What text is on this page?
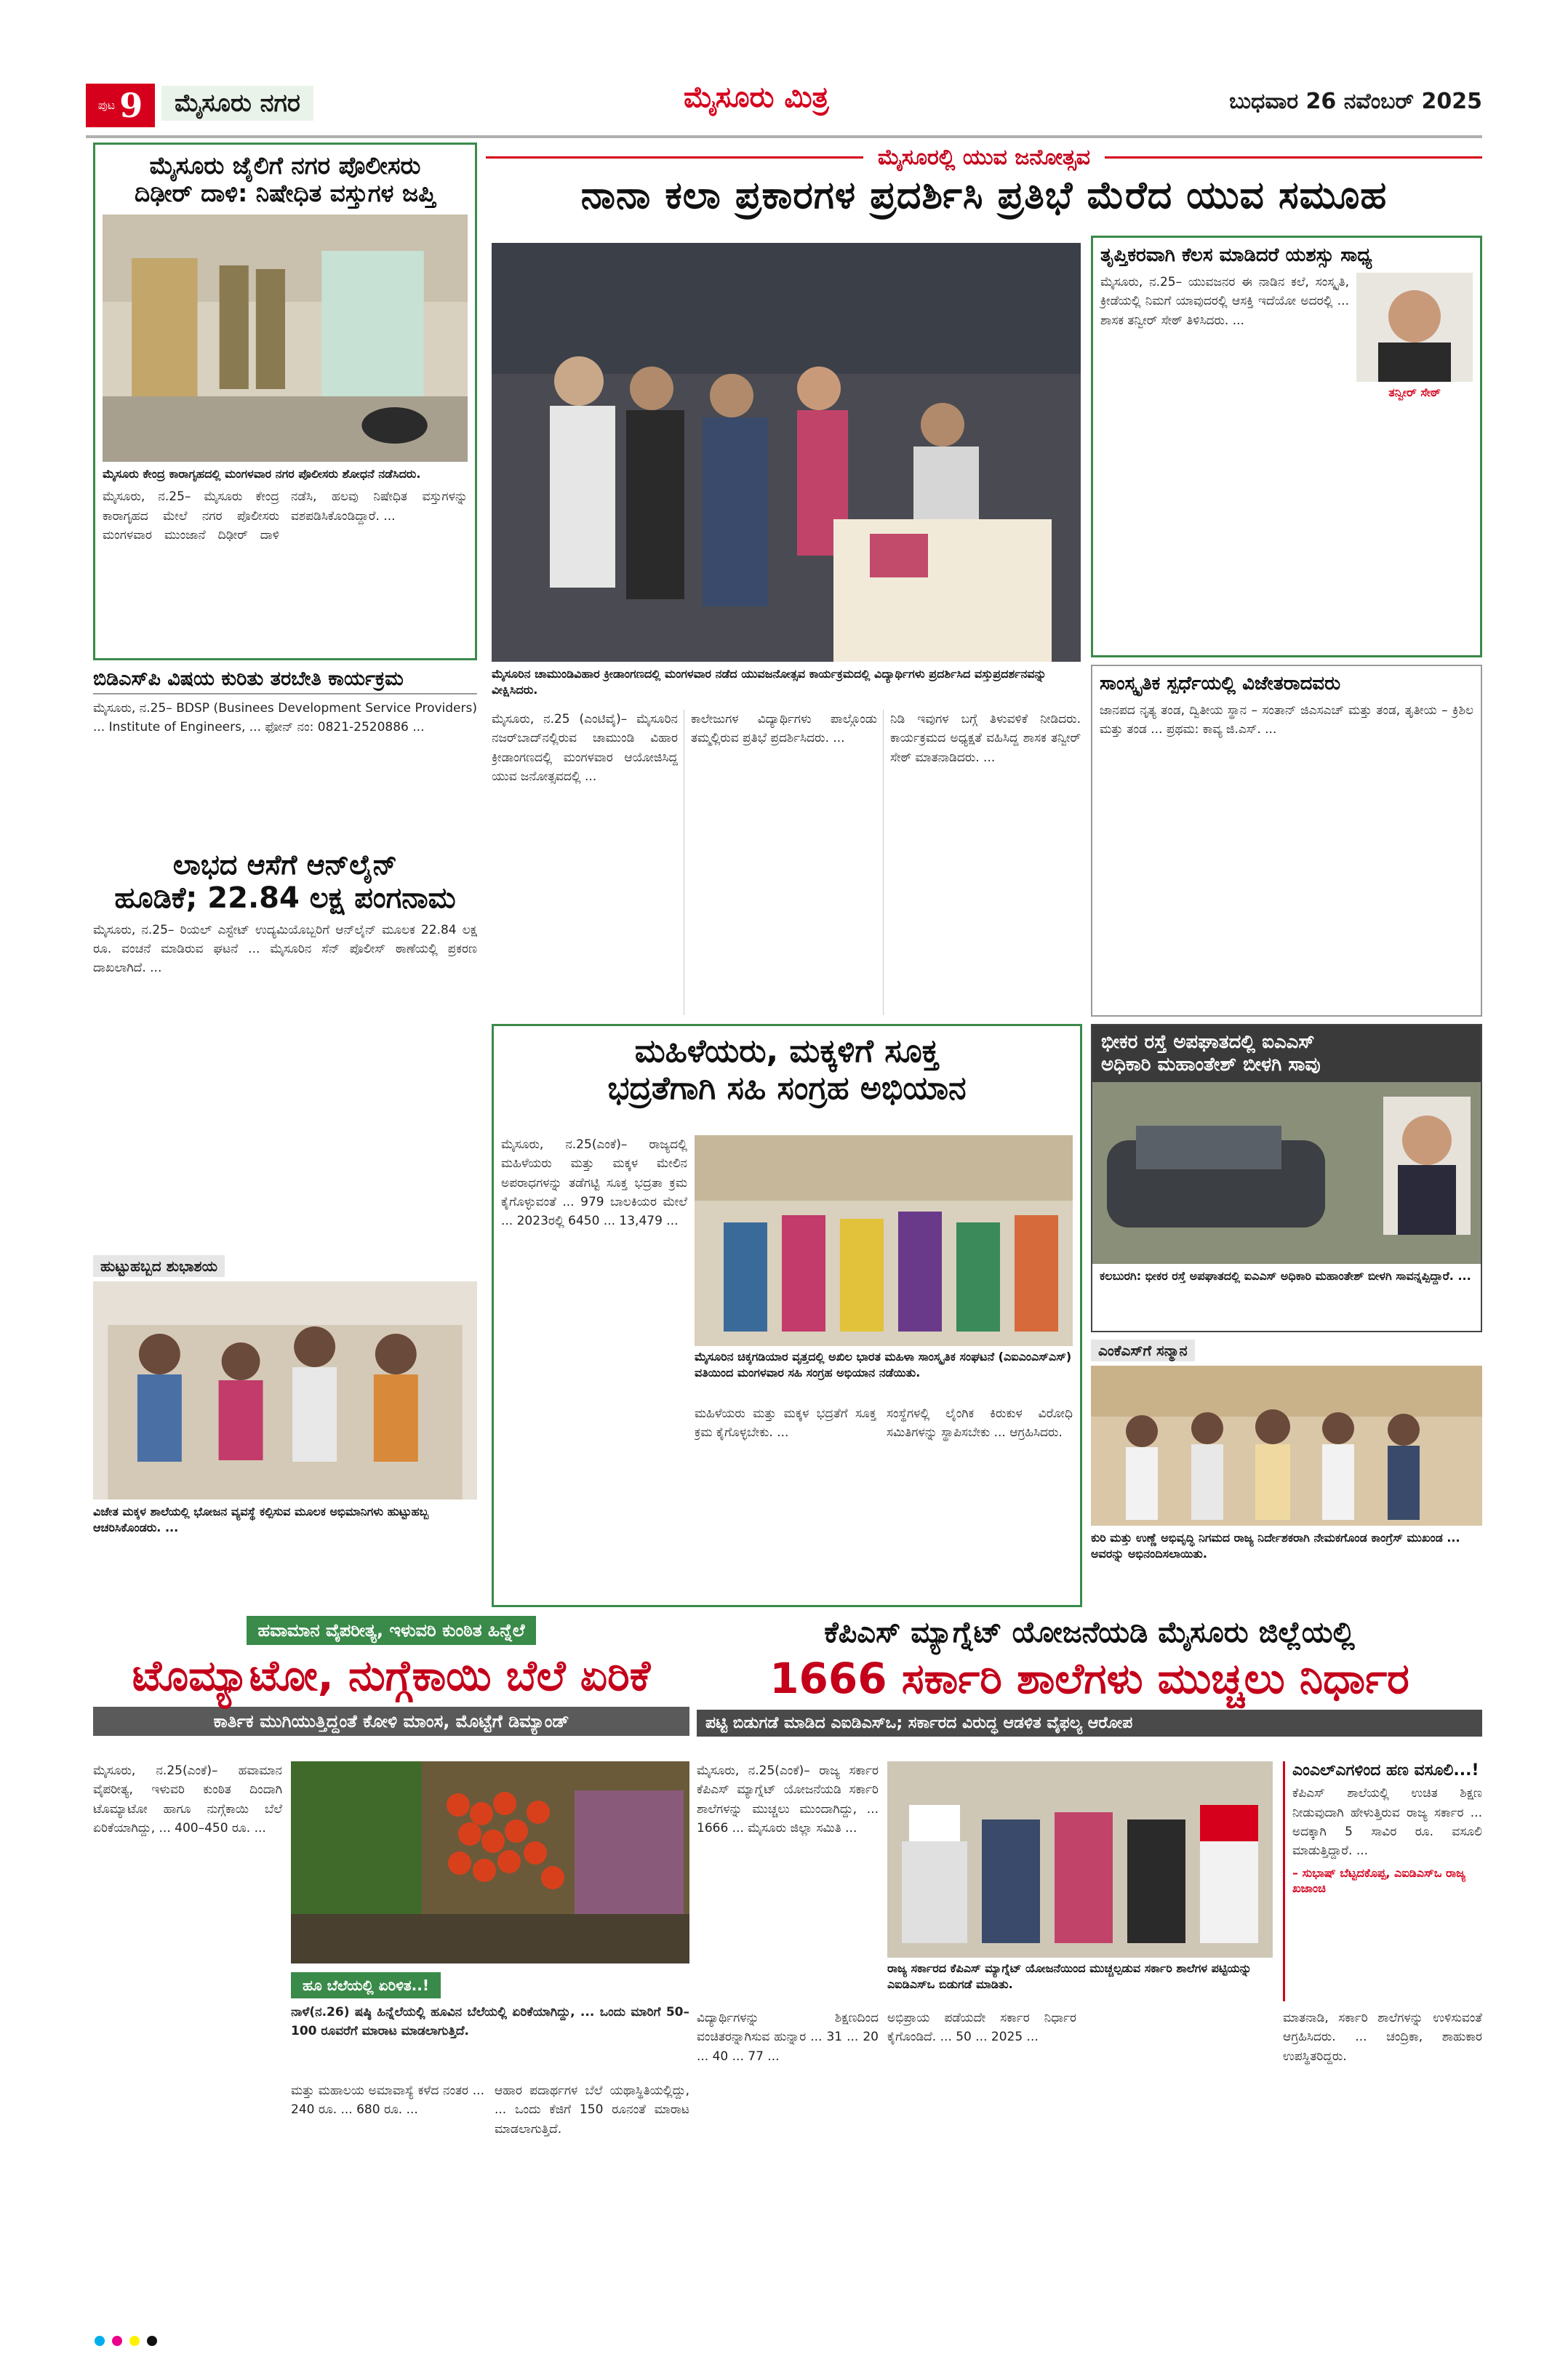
ಪುಟ 9	ಮೈಸೂರು ನಗರ	ಮೈಸೂರು ಮಿತ್ರ	ಬುಧವಾರ 26 ನವೆಂಬರ್ 2025
ಮೈಸೂರು ಜೈಲಿಗೆ ನಗರ ಪೊಲೀಸರು
ದಿಢೀರ್ ದಾಳಿ: ನಿಷೇಧಿತ ವಸ್ತುಗಳ ಜಪ್ತಿ
ಮೈಸೂರು ಕೇಂದ್ರ ಕಾರಾಗೃಹದಲ್ಲಿ ಮಂಗಳವಾರ ನಗರ ಪೊಲೀಸರು ಶೋಧನೆ ನಡೆಸಿದರು.
ಮೈಸೂರು, ನ.25– ಮೈಸೂರು ಕೇಂದ್ರ ಕಾರಾಗೃಹದ ಮೇಲೆ ನಗರ ಪೊಲೀಸರು ಮಂಗಳವಾರ ಮುಂಜಾನೆ ದಿಢೀರ್ ದಾಳಿ ನಡೆಸಿ, ಹಲವು ನಿಷೇಧಿತ ವಸ್ತುಗಳನ್ನು ವಶಪಡಿಸಿಕೊಂಡಿದ್ದಾರೆ. ...
ಬಿಡಿಎಸ್‌ಪಿ ವಿಷಯ ಕುರಿತು ತರಬೇತಿ ಕಾರ್ಯಕ್ರಮ
ಮೈಸೂರು, ನ.25– BDSP (Businees Development Service Providers) ... Institute of Engineers, ... ಫೋನ್ ನಂ: 0821-2520886 ...
ಲಾಭದ ಆಸೆಗೆ ಆನ್‌ಲೈನ್
ಹೂಡಿಕೆ; 22.84 ಲಕ್ಷ ಪಂಗನಾಮ
ಮೈಸೂರು, ನ.25– ರಿಯಲ್ ಎಸ್ಟೇಟ್ ಉದ್ಯಮಿಯೊಬ್ಬರಿಗೆ ಆನ್‌ಲೈನ್ ಮೂಲಕ 22.84 ಲಕ್ಷ ರೂ. ವಂಚನೆ ಮಾಡಿರುವ ಘಟನೆ ... ಮೈಸೂರಿನ ಸೆನ್ ಪೊಲೀಸ್ ಠಾಣೆಯಲ್ಲಿ ಪ್ರಕರಣ ದಾಖಲಾಗಿದೆ. ...
ಹುಟ್ಟುಹಬ್ಬದ ಶುಭಾಶಯ
ವಿಜೇತ ಮಕ್ಕಳ ಶಾಲೆಯಲ್ಲಿ ಭೋಜನ ವ್ಯವಸ್ಥೆ ಕಲ್ಪಿಸುವ ಮೂಲಕ ಅಭಿಮಾನಿಗಳು ಹುಟ್ಟುಹಬ್ಬ ಆಚರಿಸಿಕೊಂಡರು. ...
ಮೈಸೂರಲ್ಲಿ ಯುವ ಜನೋತ್ಸವ
ನಾನಾ ಕಲಾ ಪ್ರಕಾರಗಳ ಪ್ರದರ್ಶಿಸಿ ಪ್ರತಿಭೆ ಮೆರೆದ ಯುವ ಸಮೂಹ
ಮೈಸೂರಿನ ಚಾಮುಂಡಿವಿಹಾರ ಕ್ರೀಡಾಂಗಣದಲ್ಲಿ ಮಂಗಳವಾರ ನಡೆದ ಯುವಜನೋತ್ಸವ ಕಾರ್ಯಕ್ರಮದಲ್ಲಿ ವಿದ್ಯಾರ್ಥಿಗಳು ಪ್ರದರ್ಶಿಸಿದ ವಸ್ತುಪ್ರದರ್ಶನವನ್ನು ವೀಕ್ಷಿಸಿದರು.
ಮೈಸೂರು, ನ.25 (ಎಂಟಿವೈ)– ಮೈಸೂರಿನ ನಜರ್‌ಬಾದ್‌ನಲ್ಲಿರುವ ಚಾಮುಂಡಿ ವಿಹಾರ ಕ್ರೀಡಾಂಗಣದಲ್ಲಿ ಮಂಗಳವಾರ ಆಯೋಜಿಸಿದ್ದ ಯುವ ಜನೋತ್ಸವದಲ್ಲಿ ...
ಕಾಲೇಜುಗಳ ವಿದ್ಯಾರ್ಥಿಗಳು ಪಾಲ್ಗೊಂಡು ತಮ್ಮಲ್ಲಿರುವ ಪ್ರತಿಭೆ ಪ್ರದರ್ಶಿಸಿದರು. ...
ನಿಡಿ ಇವುಗಳ ಬಗ್ಗೆ ತಿಳುವಳಿಕೆ ನೀಡಿದರು. ಕಾರ್ಯಕ್ರಮದ ಅಧ್ಯಕ್ಷತೆ ವಹಿಸಿದ್ದ ಶಾಸಕ ತನ್ವೀರ್ ಸೇಠ್ ಮಾತನಾಡಿದರು. ...
ತೃಪ್ತಿಕರವಾಗಿ ಕೆಲಸ ಮಾಡಿದರೆ ಯಶಸ್ಸು ಸಾಧ್ಯ
ತನ್ವೀರ್ ಸೇಠ್
ಮೈಸೂರು, ನ.25– ಯುವಜನರ ಈ ನಾಡಿನ ಕಲೆ, ಸಂಸ್ಕೃತಿ, ಕ್ರೀಡೆಯಲ್ಲಿ ನಿಮಗೆ ಯಾವುದರಲ್ಲಿ ಆಸಕ್ತಿ ಇದೆಯೋ ಅದರಲ್ಲಿ ... ಶಾಸಕ ತನ್ವೀರ್ ಸೇಠ್ ತಿಳಿಸಿದರು. ...
ಸಾಂಸ್ಕೃತಿಕ ಸ್ಪರ್ಧೆಯಲ್ಲಿ ವಿಜೇತರಾದವರು
ಜಾನಪದ ನೃತ್ಯ ತಂಡ, ದ್ವಿತೀಯ ಸ್ಥಾನ – ಸಂತಾನ್ ಜಿಎಸಎಚ್ ಮತ್ತು ತಂಡ, ತೃತೀಯ – ಕ್ರಿಶಿಲ ಮತ್ತು ತಂಡ ... ಪ್ರಥಮ: ಕಾವ್ಯ ಜಿ.ಎಸ್. ...
ಮಹಿಳೆಯರು, ಮಕ್ಕಳಿಗೆ ಸೂಕ್ತ
ಭದ್ರತೆಗಾಗಿ ಸಹಿ ಸಂಗ್ರಹ ಅಭಿಯಾನ
ಮೈಸೂರು, ನ.25(ಎಂಕೆ)– ರಾಜ್ಯದಲ್ಲಿ ಮಹಿಳೆಯರು ಮತ್ತು ಮಕ್ಕಳ ಮೇಲಿನ ಅಪರಾಧಗಳನ್ನು ತಡೆಗಟ್ಟಿ ಸೂಕ್ತ ಭದ್ರತಾ ಕ್ರಮ ಕೈಗೊಳ್ಳುವಂತೆ ... 979 ಬಾಲಕಿಯರ ಮೇಲೆ ... 2023ರಲ್ಲಿ 6450 ... 13,479 ...
ಮೈಸೂರಿನ ಚಿಕ್ಕಗಡಿಯಾರ ವೃತ್ತದಲ್ಲಿ ಅಖಿಲ ಭಾರತ ಮಹಿಳಾ ಸಾಂಸ್ಕೃತಿಕ ಸಂಘಟನೆ (ಎಐಎಂಎಸ್‌ಎಸ್) ವತಿಯಿಂದ ಮಂಗಳವಾರ ಸಹಿ ಸಂಗ್ರಹ ಅಭಿಯಾನ ನಡೆಯಿತು.
ಮಹಿಳೆಯರು ಮತ್ತು ಮಕ್ಕಳ ಭದ್ರತೆಗೆ ಸೂಕ್ತ ಕ್ರಮ ಕೈಗೊಳ್ಳಬೇಕು. ...
ಸಂಸ್ಥೆಗಳಲ್ಲಿ ಲೈಂಗಿಕ ಕಿರುಕುಳ ವಿರೋಧಿ ಸಮಿತಿಗಳನ್ನು ಸ್ಥಾಪಿಸಬೇಕು ... ಆಗ್ರಹಿಸಿದರು.
ಭೀಕರ ರಸ್ತೆ ಅಪಘಾತದಲ್ಲಿ ಐಎಎಸ್
ಅಧಿಕಾರಿ ಮಹಾಂತೇಶ್ ಬೀಳಗಿ ಸಾವು
ಕಲಬುರಗಿ: ಭೀಕರ ರಸ್ತೆ ಅಪಘಾತದಲ್ಲಿ ಐಎಎಸ್ ಅಧಿಕಾರಿ ಮಹಾಂತೇಶ್ ಬೀಳಗಿ ಸಾವನ್ನಪ್ಪಿದ್ದಾರೆ. ...
ಎಂಕೆಎಸ್‌ಗೆ ಸನ್ಮಾನ
ಕುರಿ ಮತ್ತು ಉಣ್ಣೆ ಅಭಿವೃದ್ಧಿ ನಿಗಮದ ರಾಜ್ಯ ನಿರ್ದೇಶಕರಾಗಿ ನೇಮಕಗೊಂಡ ಕಾಂಗ್ರೆಸ್ ಮುಖಂಡ ... ಅವರನ್ನು ಅಭಿನಂದಿಸಲಾಯಿತು.
ಹವಾಮಾನ ವೈಪರೀತ್ಯ, ಇಳುವರಿ ಕುಂಠಿತ ಹಿನ್ನೆಲೆ
ಟೊಮ್ಯಾಟೋ, ನುಗ್ಗೆಕಾಯಿ ಬೆಲೆ ಏರಿಕೆ
ಕಾರ್ತಿಕ ಮುಗಿಯುತ್ತಿದ್ದಂತೆ ಕೋಳಿ ಮಾಂಸ, ಮೊಟ್ಟೆಗೆ ಡಿಮ್ಯಾಂಡ್
ಮೈಸೂರು, ನ.25(ಎಂಕೆ)– ಹವಾಮಾನ ವೈಪರೀತ್ಯ, ಇಳುವರಿ ಕುಂಠಿತ ದಿಂದಾಗಿ ಟೊಮ್ಯಾಟೋ ಹಾಗೂ ನುಗ್ಗೆಕಾಯಿ ಬೆಲೆ ಏರಿಕೆಯಾಗಿದ್ದು, ... 400–450 ರೂ. ...
ಹೂ ಬೆಲೆಯಲ್ಲಿ ಏರಿಳಿತ..!
ನಾಳೆ(ನ.26) ಷಷ್ಠಿ ಹಿನ್ನೆಲೆಯಲ್ಲಿ ಹೂವಿನ ಬೆಲೆಯಲ್ಲಿ ಏರಿಕೆಯಾಗಿದ್ದು, ... ಒಂದು ಮಾರಿಗೆ 50–100 ರೂವರೆಗೆ ಮಾರಾಟ ಮಾಡಲಾಗುತ್ತಿದೆ.
ಮತ್ತು ಮಹಾಲಯ ಅಮಾವಾಸ್ಯೆ ಕಳೆದ ನಂತರ ... 240 ರೂ. ... 680 ರೂ. ...
ಆಹಾರ ಪದಾರ್ಥಗಳ ಬೆಲೆ ಯಥಾಸ್ಥಿತಿಯಲ್ಲಿದ್ದು, ... ಒಂದು ಕೆಜಿಗೆ 150 ರೂನಂತೆ ಮಾರಾಟ ಮಾಡಲಾಗುತ್ತಿದೆ.
ಕೆಪಿಎಸ್ ಮ್ಯಾಗ್ನೆಟ್ ಯೋಜನೆಯಡಿ ಮೈಸೂರು ಜಿಲ್ಲೆಯಲ್ಲಿ
1666 ಸರ್ಕಾರಿ ಶಾಲೆಗಳು ಮುಚ್ಚಲು ನಿರ್ಧಾರ
ಪಟ್ಟಿ ಬಿಡುಗಡೆ ಮಾಡಿದ ಎಐಡಿಎಸ್‌ಒ; ಸರ್ಕಾರದ ವಿರುದ್ಧ ಆಡಳಿತ ವೈಫಲ್ಯ ಆರೋಪ
ಮೈಸೂರು, ನ.25(ಎಂಕೆ)– ರಾಜ್ಯ ಸರ್ಕಾರ ಕೆಪಿಎಸ್ ಮ್ಯಾಗ್ನೆಟ್ ಯೋಜನೆಯಡಿ ಸರ್ಕಾರಿ ಶಾಲೆಗಳನ್ನು ಮುಚ್ಚಲು ಮುಂದಾಗಿದ್ದು, ... 1666 ... ಮೈಸೂರು ಜಿಲ್ಲಾ ಸಮಿತಿ ...
ರಾಜ್ಯ ಸರ್ಕಾರದ ಕೆಪಿಎಸ್ ಮ್ಯಾಗ್ನೆಟ್ ಯೋಜನೆಯಿಂದ ಮುಚ್ಚಲ್ಪಡುವ ಸರ್ಕಾರಿ ಶಾಲೆಗಳ ಪಟ್ಟಿಯನ್ನು ಎಐಡಿಎಸ್‌ಒ ಬಿಡುಗಡೆ ಮಾಡಿತು.
ಎಂಎಲ್‌ಎಗಳಿಂದ ಹಣ ವಸೂಲಿ...!
ಕೆಪಿಎಸ್ ಶಾಲೆಯಲ್ಲಿ ಉಚಿತ ಶಿಕ್ಷಣ ನೀಡುವುದಾಗಿ ಹೇಳುತ್ತಿರುವ ರಾಜ್ಯ ಸರ್ಕಾರ ... ಅದಕ್ಕಾಗಿ 5 ಸಾವಿರ ರೂ. ವಸೂಲಿ ಮಾಡುತ್ತಿದ್ದಾರೆ. ...
– ಸುಭಾಷ್ ಬೆಟ್ಟದಕೊಪ್ಪ, ಎಐಡಿಎಸ್‌ಒ ರಾಜ್ಯ ಖಜಾಂಚಿ
ವಿದ್ಯಾರ್ಥಿಗಳನ್ನು ಶಿಕ್ಷಣದಿಂದ ವಂಚಿತರನ್ನಾಗಿಸುವ ಹುನ್ನಾರ ... 31 ... 20 ... 40 ... 77 ...
ಅಭಿಪ್ರಾಯ ಪಡೆಯದೇ ಸರ್ಕಾರ ನಿರ್ಧಾರ ಕೈಗೊಂಡಿದೆ. ... 50 ... 2025 ...
ಮಾತನಾಡಿ, ಸರ್ಕಾರಿ ಶಾಲೆಗಳನ್ನು ಉಳಿಸುವಂತೆ ಆಗ್ರಹಿಸಿದರು. ... ಚಂದ್ರಿಕಾ, ಶಾಹುಕಾರ ಉಪಸ್ಥಿತರಿದ್ದರು.
